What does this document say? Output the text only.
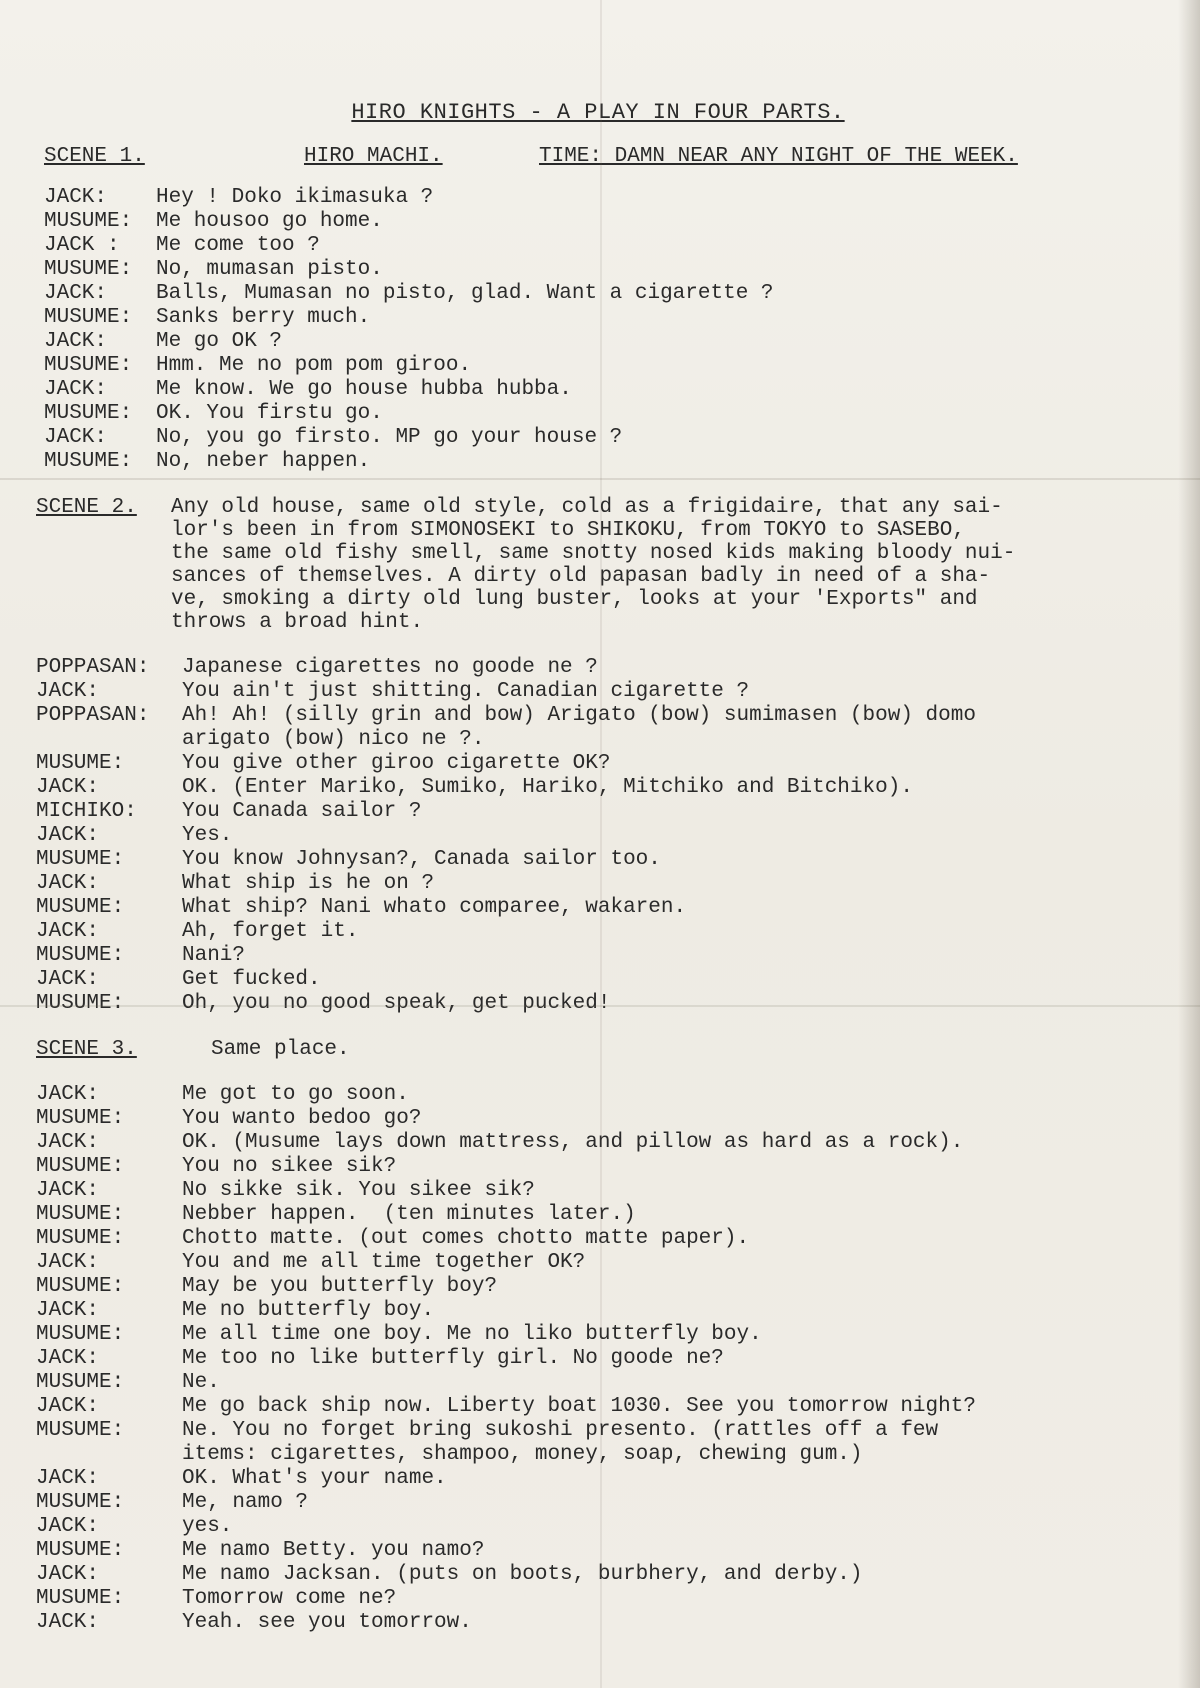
HIRO KNIGHTS - A PLAY IN FOUR PARTS.
SCENE 1.	HIRO MACHI.	TIME: DAMN NEAR ANY NIGHT OF THE WEEK.
JACK:	Hey ! Doko ikimasuka ?
MUSUME:	Me housoo go home.
JACK :	Me come too ?
MUSUME:	No, mumasan pisto.
JACK:	Balls, Mumasan no pisto, glad. Want a cigarette ?
MUSUME:	Sanks berry much.
JACK:	Me go OK ?
MUSUME:	Hmm. Me no pom pom giroo.
JACK:	Me know. We go house hubba hubba.
MUSUME:	OK. You firstu go.
JACK:	No, you go firsto. MP go your house ?
MUSUME:	No, neber happen.
SCENE 2.	Any old house, same old style, cold as a frigidaire, that any sai-
lor's been in from SIMONOSEKI to SHIKOKU, from TOKYO to SASEBO,
the same old fishy smell, same snotty nosed kids making bloody nui-
sances of themselves. A dirty old papasan badly in need of a sha-
ve, smoking a dirty old lung buster, looks at your 'Exports" and
throws a broad hint.
POPPASAN:	Japanese cigarettes no goode ne ?
JACK:	You ain't just shitting. Canadian cigarette ?
POPPASAN:	Ah! Ah! (silly grin and bow) Arigato (bow) sumimasen (bow) domo
arigato (bow) nico ne ?.
MUSUME:	You give other giroo cigarette OK?
JACK:	OK. (Enter Mariko, Sumiko, Hariko, Mitchiko and Bitchiko).
MICHIKO:	You Canada sailor ?
JACK:	Yes.
MUSUME:	You know Johnysan?, Canada sailor too.
JACK:	What ship is he on ?
MUSUME:	What ship? Nani whato comparee, wakaren.
JACK:	Ah, forget it.
MUSUME:	Nani?
JACK:	Get fucked.
MUSUME:	Oh, you no good speak, get pucked!
SCENE 3.	Same place.
JACK:	Me got to go soon.
MUSUME:	You wanto bedoo go?
JACK:	OK. (Musume lays down mattress, and pillow as hard as a rock).
MUSUME:	You no sikee sik?
JACK:	No sikke sik. You sikee sik?
MUSUME:	Nebber happen.  (ten minutes later.)
MUSUME:	Chotto matte. (out comes chotto matte paper).
JACK:	You and me all time together OK?
MUSUME:	May be you butterfly boy?
JACK:	Me no butterfly boy.
MUSUME:	Me all time one boy. Me no liko butterfly boy.
JACK:	Me too no like butterfly girl. No goode ne?
MUSUME:	Ne.
JACK:	Me go back ship now. Liberty boat 1030. See you tomorrow night?
MUSUME:	Ne. You no forget bring sukoshi presento. (rattles off a few
items: cigarettes, shampoo, money, soap, chewing gum.)
JACK:	OK. What's your name.
MUSUME:	Me, namo ?
JACK:	yes.
MUSUME:	Me namo Betty. you namo?
JACK:	Me namo Jacksan. (puts on boots, burbhery, and derby.)
MUSUME:	Tomorrow come ne?
JACK:	Yeah. see you tomorrow.
